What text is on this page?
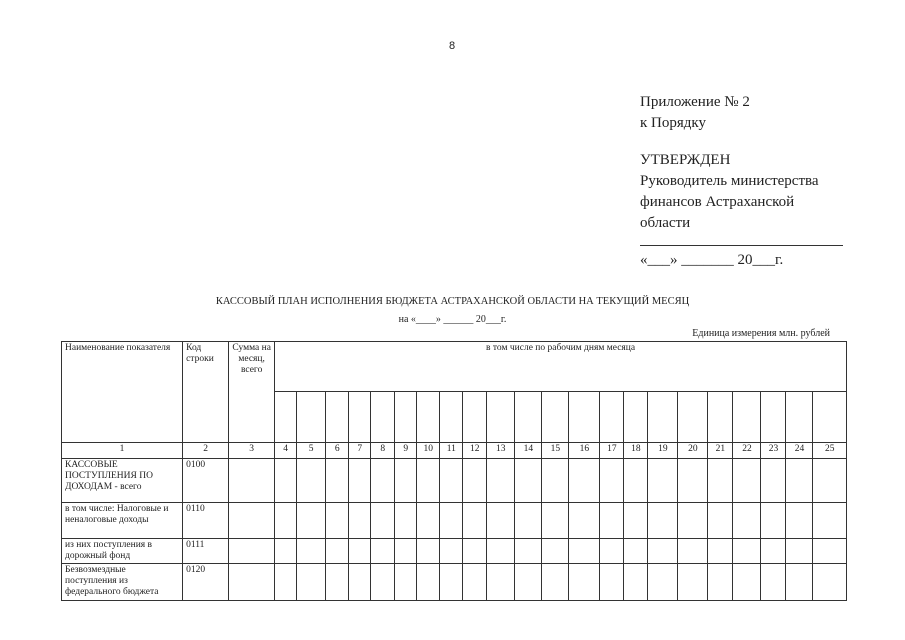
8
Приложение № 2
к Порядку
УТВЕРЖДЕН
Руководитель министерства
финансов Астраханской
области
«___» _______ 20___г.
КАССОВЫЙ ПЛАН ИСПОЛНЕНИЯ БЮДЖЕТА АСТРАХАНСКОЙ ОБЛАСТИ НА ТЕКУЩИЙ МЕСЯЦ
на «____» ______ 20___г.
Единица измерения млн. рублей
Наименование показателя	Код строки	Сумма на месяц, всего	в том числе по рабочим дням месяца																					

1	2	3	4	5	6	7	8	9	10	11	12	13	14	15	16	17	18	19	20	21	22	23	24	25
КАССОВЫЕ ПОСТУПЛЕНИЯ ПО ДОХОДАМ - всего	0100																							
в том числе: Налоговые и неналоговые доходы	0110																							
из них поступления в дорожный фонд	0111																							
Безвозмездные поступления из федерального бюджета	0120																							
